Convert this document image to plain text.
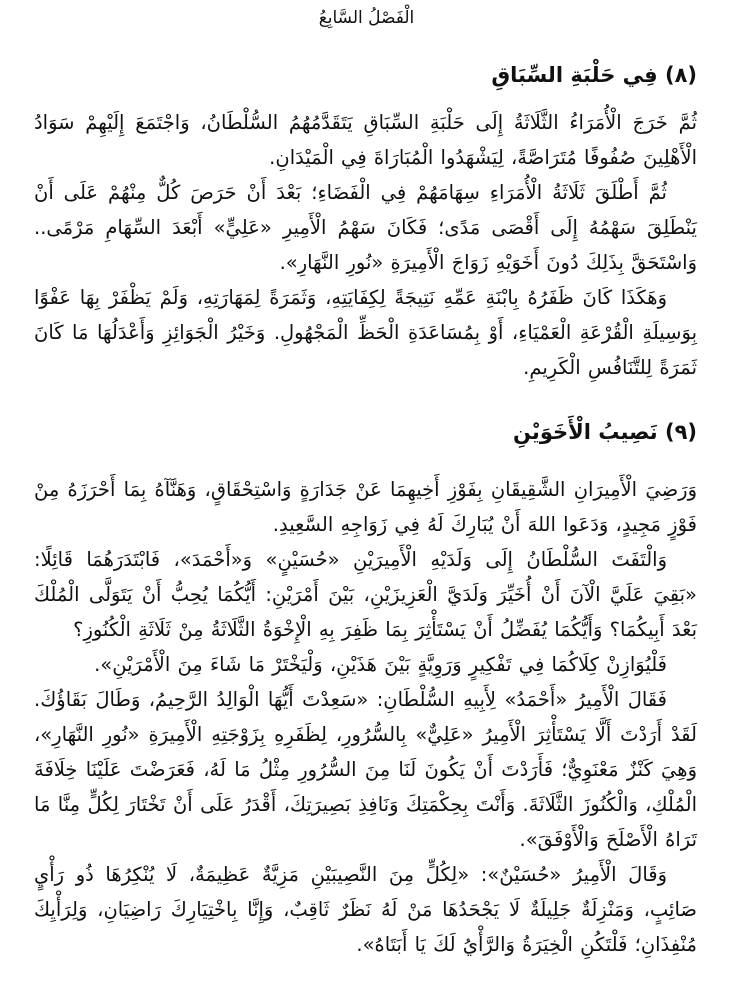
الْفَصْلُ السَّابِعُ
(٨) فِي حَلْبَةِ السِّبَاقِ

ثُمَّ خَرَجَ الْأُمَرَاءُ الثَّلَاثَةُ إِلَى حَلْبَةِ السِّبَاقِ يَتَقَدَّمُهُمُ السُّلْطَانُ، وَاجْتَمَعَ إِلَيْهِمْ سَوَادُ الْأَهْلِينَ صُفُوفًا مُتَرَاصَّةً، لِيَشْهَدُوا الْمُبَارَاةَ فِي الْمَيْدَانِ.

ثُمَّ أَطْلَقَ ثَلَاثَةُ الْأُمَرَاءِ سِهَامَهُمْ فِي الْفَضَاءِ؛ بَعْدَ أَنْ حَرَصَ كُلٌّ مِنْهُمْ عَلَى أَنْ يَنْطَلِقَ سَهْمُهُ إِلَى أَقْصَى مَدًى؛ فَكَانَ سَهْمُ الْأَمِيرِ «عَلِيٍّ» أَبْعَدَ السِّهَامِ مَرْمًى.. وَاسْتَحَقَّ بِذَلِكَ دُونَ أَخَوَيْهِ زَوَاجَ الْأَمِيرَةِ «نُورِ النَّهَارِ».

وَهَكَذَا كَانَ ظَفَرُهُ بِابْنَةِ عَمِّهِ نَتِيجَةً لِكِفَايَتِهِ، وَثَمَرَةً لِمَهَارَتِهِ، وَلَمْ يَظْفَرْ بِهَا عَفْوًا بِوَسِيلَةِ الْقُرْعَةِ الْعَمْيَاءِ، أَوْ بِمُسَاعَدَةِ الْحَظِّ الْمَجْهُولِ. وَخَيْرُ الْجَوَائِزِ وَأَعْدَلُهَا مَا كَانَ ثَمَرَةً لِلتَّنَافُسِ الْكَرِيمِ.

(٩) نَصِيبُ الْأَخَوَيْنِ

وَرَضِيَ الْأَمِيرَانِ الشَّقِيقَانِ بِفَوْزِ أَخِيهِمَا عَنْ جَدَارَةٍ وَاسْتِحْقَاقٍ، وَهَنَّآهُ بِمَا أَحْرَزَهُ مِنْ فَوْزٍ مَجِيدٍ، وَدَعَوا اللهَ أَنْ يُبَارِكَ لَهُ فِي زَوَاجِهِ السَّعِيدِ.

وَالْتَفَتَ السُّلْطَانُ إِلَى وَلَدَيْهِ الْأَمِيرَيْنِ «حُسَيْنٍ» وَ«أَحْمَدَ»، فَابْتَدَرَهُمَا قَائِلًا: «بَقِيَ عَلَيَّ الْآنَ أَنْ أُخَيِّرَ وَلَدَيَّ الْعَزِيزَيْنِ، بَيْنَ أَمْرَيْنِ: أَيُّكُمَا يُحِبُّ أَنْ يَتَوَلَّى الْمُلْكَ بَعْدَ أَبِيكُمَا؟ وَأَيُّكُمَا يُفَضِّلُ أَنْ يَسْتَأْثِرَ بِمَا ظَفِرَ بِهِ الْإِخْوَةُ الثَّلَاثَةُ مِنْ ثَلَاثَةِ الْكُنُوزِ؟

فَلْيُوَازِنْ كِلَاكُمَا فِي تَفْكِيرٍ وَرَوِيَّةٍ بَيْنَ هَذَيْنِ، وَلْيَخْتَرْ مَا شَاءَ مِنَ الْأَمْرَيْنِ».

فَقَالَ الْأَمِيرُ «أَحْمَدُ» لِأَبِيهِ السُّلْطَانِ: «سَعِدْتَ أَيُّهَا الْوَالِدُ الرَّحِيمُ، وَطَالَ بَقَاؤُكَ. لَقَدْ أَرَدْتَ أَلَّا يَسْتَأْثِرَ الْأَمِيرُ «عَلِيٌّ» بِالسُّرُورِ، لِظَفَرِهِ بِزَوْجَتِهِ الْأَمِيرَةِ «نُورِ النَّهَارِ»، وَهِيَ كَنْزٌ مَعْنَوِيٌّ؛ فَأَرَدْتَ أَنْ يَكُونَ لَنَا مِنَ السُّرُورِ مِثْلُ مَا لَهُ، فَعَرَضْتَ عَلَيْنَا خِلَافَةَ الْمُلْكِ، وَالْكُنُوزَ الثَّلَاثَةَ. وَأَنْتَ بِحِكْمَتِكَ وَنَافِذِ بَصِيرَتِكَ، أَقْدَرُ عَلَى أَنْ تَخْتَارَ لِكُلٍّ مِنَّا مَا تَرَاهُ الْأَصْلَحَ وَالْأَوْفَقَ».

وَقَالَ الْأَمِيرُ «حُسَيْنٌ»: «لِكُلٍّ مِنَ النَّصِيبَيْنِ مَزِيَّةٌ عَظِيمَةٌ، لَا يُنْكِرُهَا ذُو رَأْيٍ صَائِبٍ، وَمَنْزِلَةٌ جَلِيلَةٌ لَا يَجْحَدُهَا مَنْ لَهُ نَظَرٌ ثَاقِبٌ، وَإِنَّا بِاخْتِيَارِكَ رَاضِيَانِ، وَلِرَأْيِكَ مُنْفِذَانِ؛ فَلْتَكُنِ الْخِيَرَةُ وَالرَّأْيُ لَكَ يَا أَبَتَاهُ».
